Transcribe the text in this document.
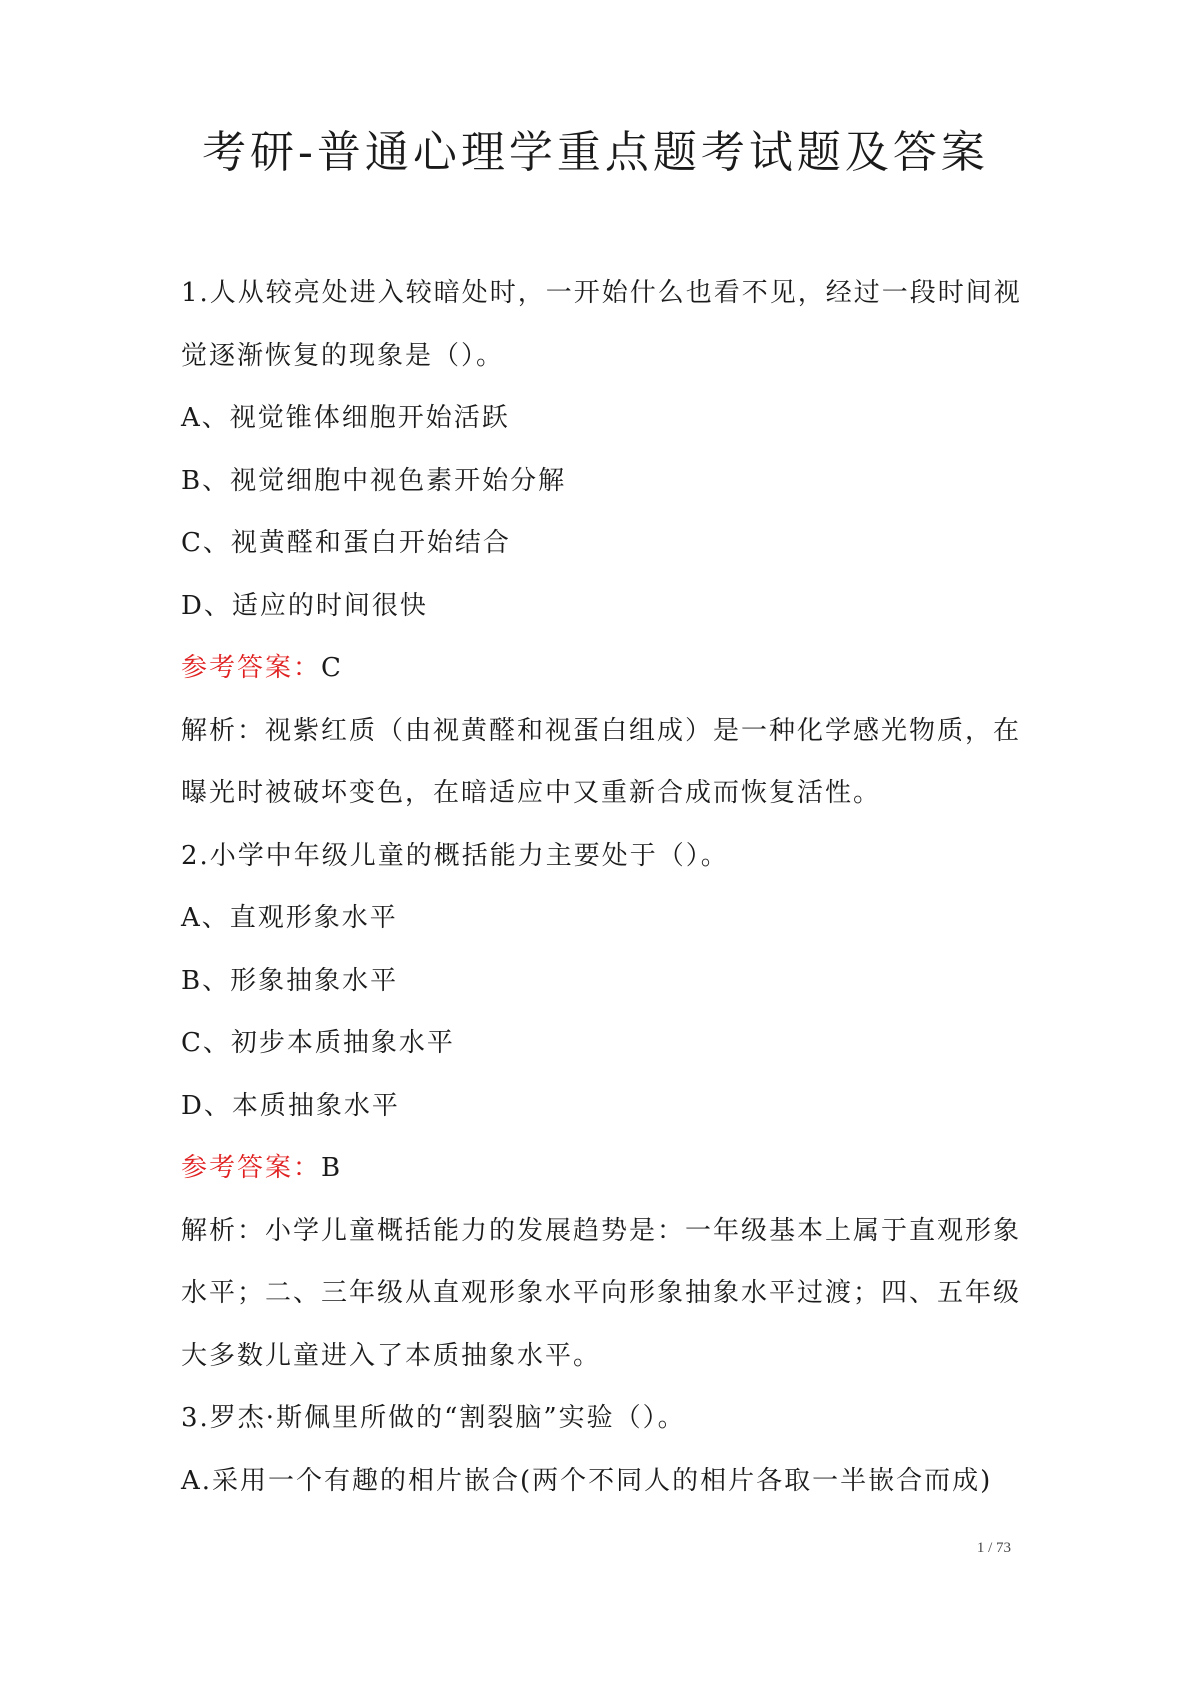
考研-普通心理学重点题考试题及答案
1.人从较亮处进入较暗处时，一开始什么也看不见，经过一段时间视
觉逐渐恢复的现象是（）。
A、视觉锥体细胞开始活跃
B、视觉细胞中视色素开始分解
C、视黄醛和蛋白开始结合
D、适应的时间很快
参考答案：C
解析：视紫红质（由视黄醛和视蛋白组成）是一种化学感光物质，在
曝光时被破坏变色，在暗适应中又重新合成而恢复活性。
2.小学中年级儿童的概括能力主要处于（）。
A、直观形象水平
B、形象抽象水平
C、初步本质抽象水平
D、本质抽象水平
参考答案：B
解析：小学儿童概括能力的发展趋势是：一年级基本上属于直观形象
水平；二、三年级从直观形象水平向形象抽象水平过渡；四、五年级
大多数儿童进入了本质抽象水平。
3.罗杰·斯佩里所做的“割裂脑”实验（）。
A.采用一个有趣的相片嵌合(两个不同人的相片各取一半嵌合而成)
1 / 73
